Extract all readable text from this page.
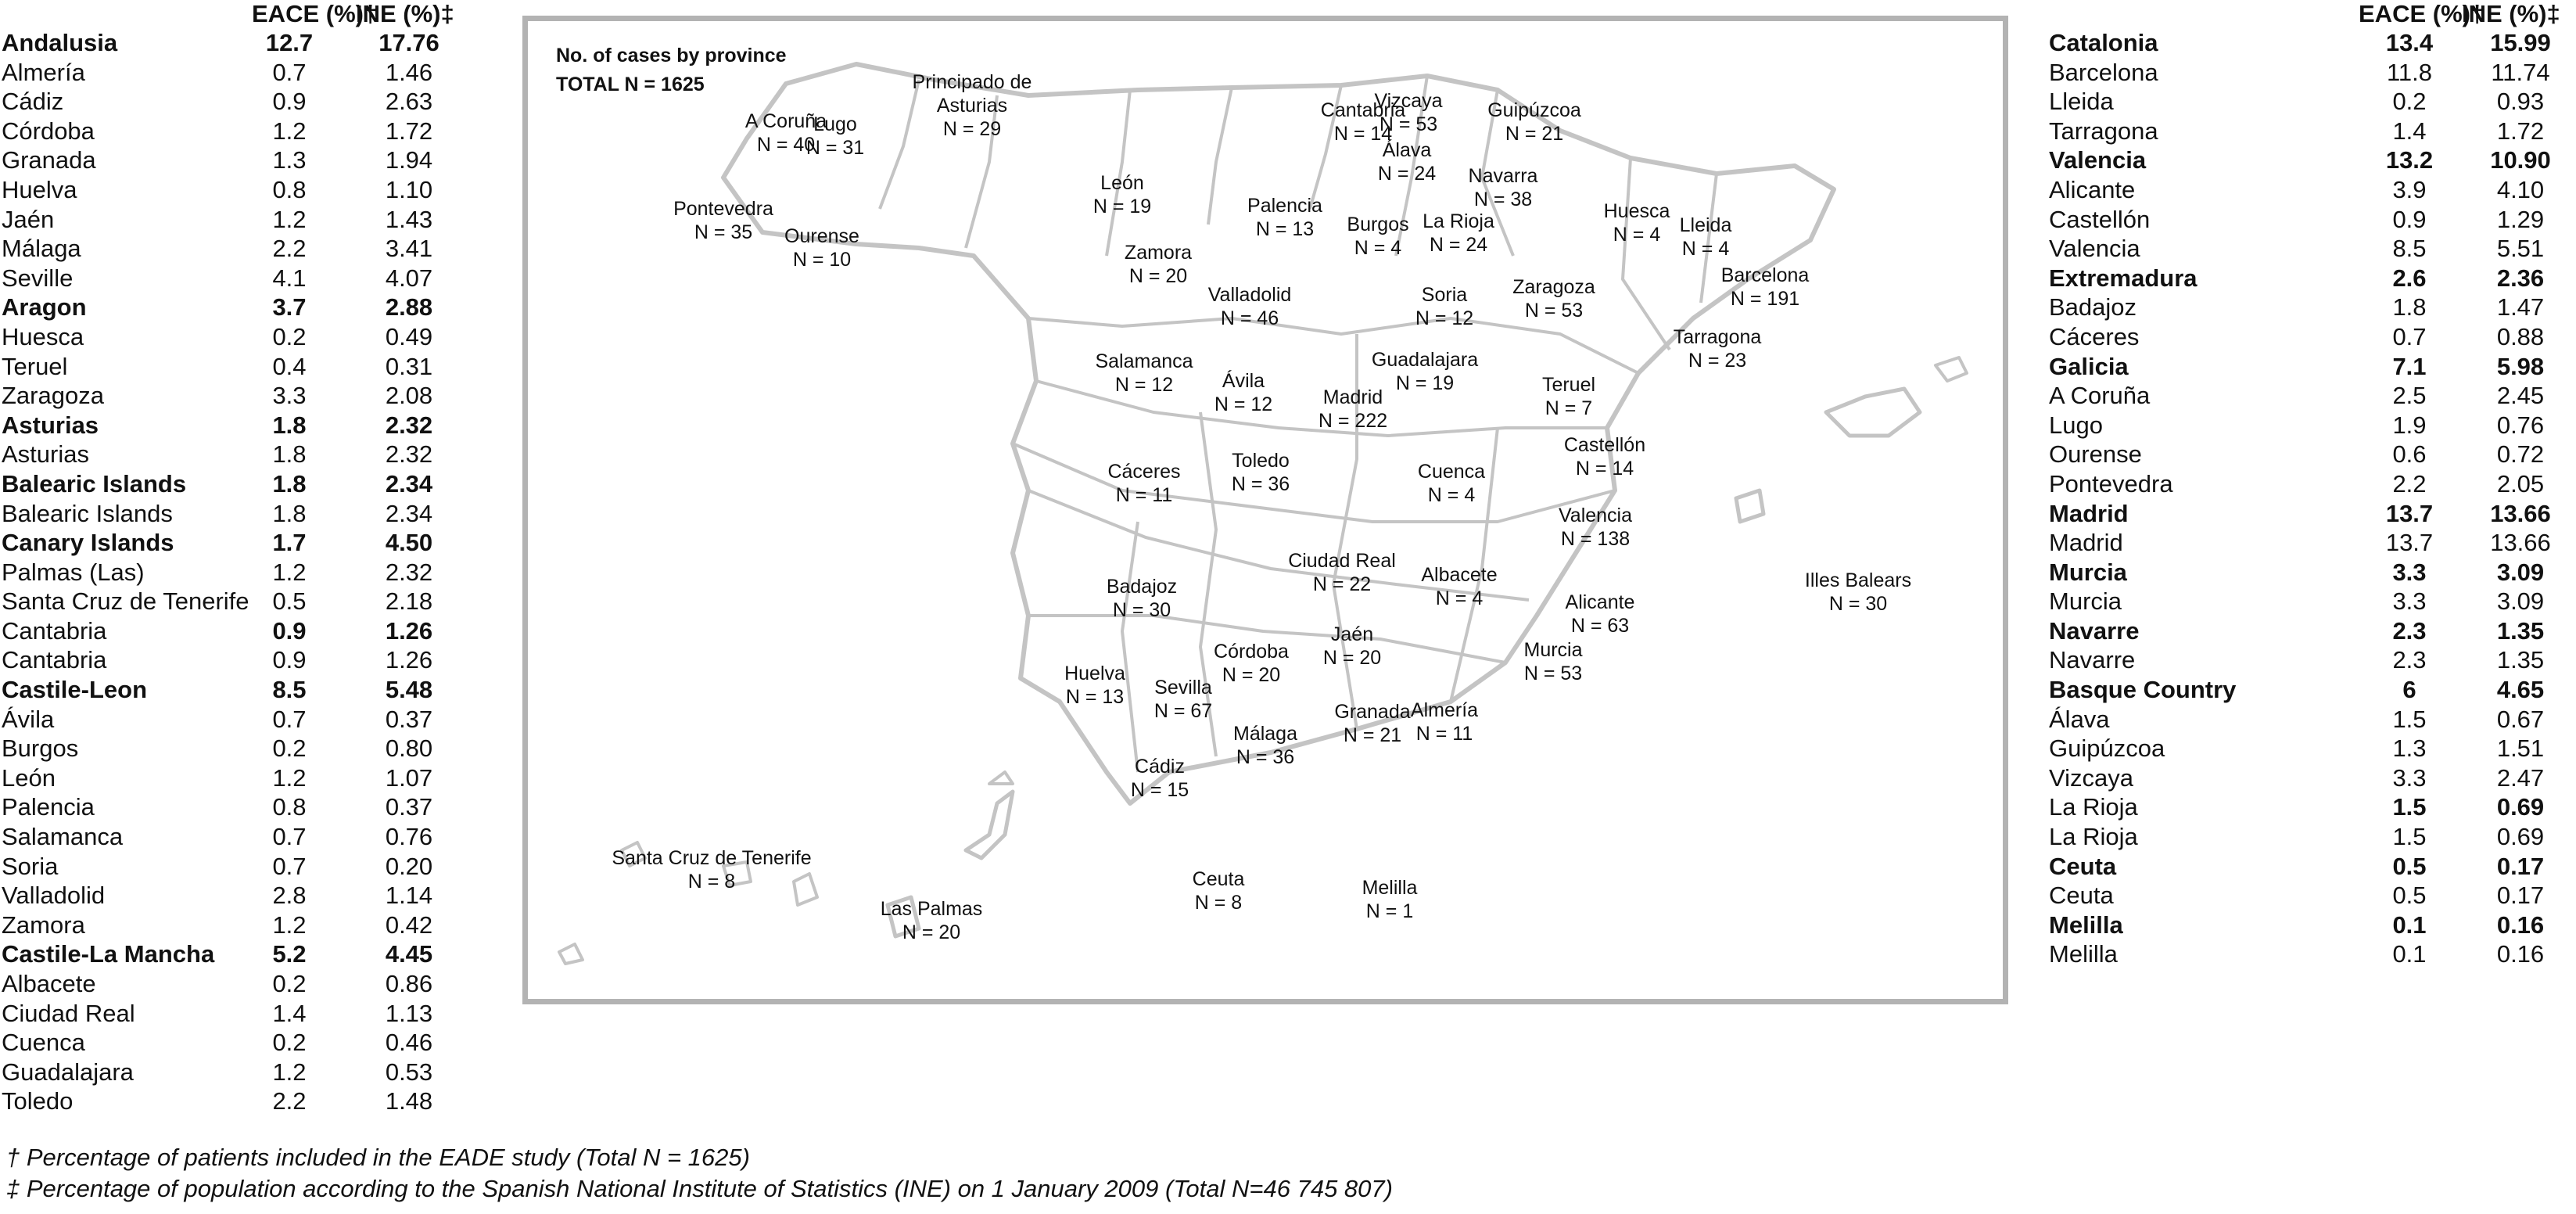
EACE (%)†
INE (%)‡
Andalusia	12.7	17.76
Almería	0.7	1.46
Cádiz	0.9	2.63
Córdoba	1.2	1.72
Granada	1.3	1.94
Huelva	0.8	1.10
Jaén	1.2	1.43
Málaga	2.2	3.41
Seville	4.1	4.07
Aragon	3.7	2.88
Huesca	0.2	0.49
Teruel	0.4	0.31
Zaragoza	3.3	2.08
Asturias	1.8	2.32
Asturias	1.8	2.32
Balearic Islands	1.8	2.34
Balearic Islands	1.8	2.34
Canary Islands	1.7	4.50
Palmas (Las)	1.2	2.32
Santa Cruz de Tenerife 0.5	2.18
Cantabria	0.9	1.26
Cantabria	0.9	1.26
Castile-Leon	8.5	5.48
Ávila	0.7	0.37
Burgos	0.2	0.80
León	1.2	1.07
Palencia	0.8	0.37
Salamanca	0.7	0.76
Soria	0.7	0.20
Valladolid	2.8	1.14
Zamora	1.2	0.42
Castile-La Mancha	5.2	4.45
Albacete	0.2	0.86
Ciudad Real	1.4	1.13
Cuenca	0.2	0.46
Guadalajara	1.2	0.53
Toledo	2.2	1.48
No. of cases by province
TOTAL N = 1625
A Coruña
N = 40
Lugo
N = 31
Principado de
Asturias
N = 29
Cantabria
N = 14
Vizcaya
N = 53
Guipúzcoa
N = 21
Álava
N = 24 Navarra
N = 38
Pontevedra
N = 35	Ourense
N = 10
León
N = 19	Palencia
N = 13	Burgos
N = 4
La Rioja
N = 24
Huesca
N = 4 Lleida
N = 4
Barcelona
N = 191
Zamora
N = 20
Valladolid
N = 46
Soria
N = 12
Zaragoza
N = 53
Tarragona
N = 23
Salamanca
N = 12	Ávila
N = 12	Madrid
N = 222
Guadalajara
N = 19	Teruel
N = 7
Castellón
N = 14
Cáceres
N = 11
Toledo
N = 36
Cuenca
N = 4
Valencia
N = 138
Ciudad Real
N = 22	Albacete
N = 4
Badajoz
N = 30
Illes Balears
N = 30
Alicante
N = 63
Córdoba
N = 20
Jaén
N = 20
Huelva
N = 13 Sevilla
N = 67
Murcia
N = 53
Granada
N = 21
Almería
N = 11
Málaga
N = 36
Cádiz
N = 15
Santa Cruz de Tenerife
N = 8	Ceuta
N = 8
Las Palmas
N = 20
Melilla
N = 1
EACE (%)†
INE (%)‡
Catalonia	13.4	15.99
Barcelona	11.8	11.74
Lleida	0.2	0.93
Tarragona	1.4	1.72
Valencia	13.2	10.90
Alicante	3.9	4.10
Castellón	0.9	1.29
Valencia	8.5	5.51
Extremadura	2.6	2.36
Badajoz	1.8	1.47
Cáceres	0.7	0.88
Galicia	7.1	5.98
A Coruña	2.5	2.45
Lugo	1.9	0.76
Ourense	0.6	0.72
Pontevedra	2.2	2.05
Madrid	13.7	13.66
Madrid	13.7	13.66
Murcia	3.3	3.09
Murcia	3.3	3.09
Navarre	2.3	1.35
Navarre	2.3	1.35
Basque Country	6	4.65
Álava	1.5	0.67
Guipúzcoa	1.3	1.51
Vizcaya	3.3	2.47
La Rioja	1.5	0.69
La Rioja	1.5	0.69
Ceuta	0.5	0.17
Ceuta	0.5	0.17
Melilla	0.1	0.16
Melilla	0.1	0.16
† Percentage of patients included in the EADE study (Total N = 1625)
‡ Percentage of population according to the Spanish National Institute of Statistics (INE) on 1 January 2009 (Total N=46 745 807)
